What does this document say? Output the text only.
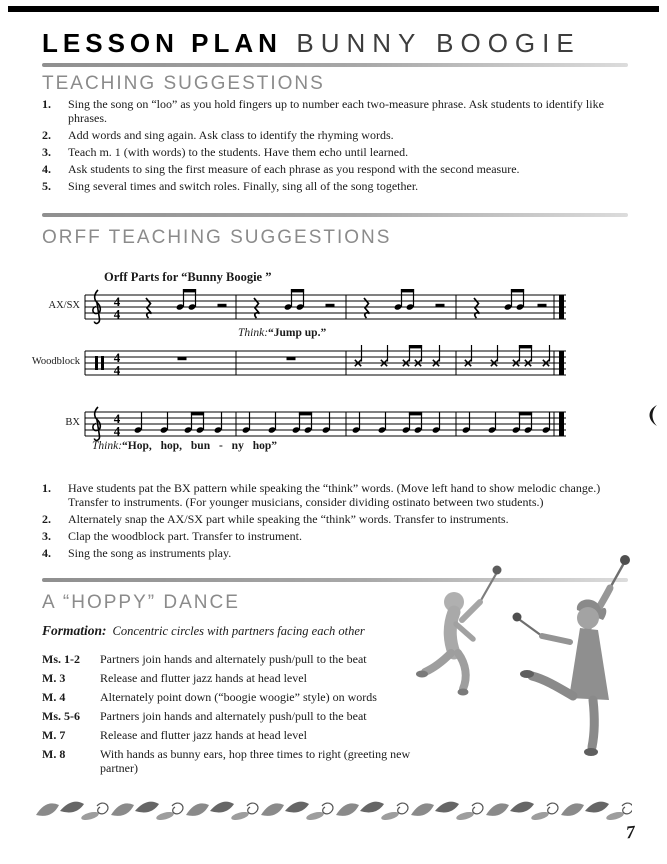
LESSON PLAN BUNNY BOOGIE
TEACHING SUGGESTIONS
1.	Sing the song on “loo” as you hold fingers up to number each two-measure phrase. Ask students to identify like phrases.
2.	Add words and sing again. Ask class to identify the rhyming words.
3.	Teach m. 1 (with words) to the students. Have them echo until learned.
4.	Ask students to sing the first measure of each phrase as you respond with the second measure.
5.	Sing several times and switch roles. Finally, sing all of the song together.
ORFF TEACHING SUGGESTIONS
Orff Parts for “Bunny Boogie ”
AX/SX	4
4
Think:“Jump up.”
Woodblock	4
4
BX	4
4
Think:“Hop, hop, bun - ny hop”
1.	Have students pat the BX pattern while speaking the “think” words. (Move left hand to show melodic change.) Transfer to instruments. (For younger musicians, consider dividing ostinato between two students.)
2.	Alternately snap the AX/SX part while speaking the “think” words. Transfer to instruments.
3.	Clap the woodblock part. Transfer to instrument.
4.	Sing the song as instruments play.
A “HOPPY” DANCE
Formation: Concentric circles with partners facing each other
Ms. 1-2	Partners join hands and alternately push/pull to the beat
M. 3	Release and flutter jazz hands at head level
M. 4	Alternately point down (“boogie woogie” style) on words
Ms. 5-6	Partners join hands and alternately push/pull to the beat
M. 7	Release and flutter jazz hands at head level
M. 8	With hands as bunny ears, hop three times to right (greeting new partner)
7
